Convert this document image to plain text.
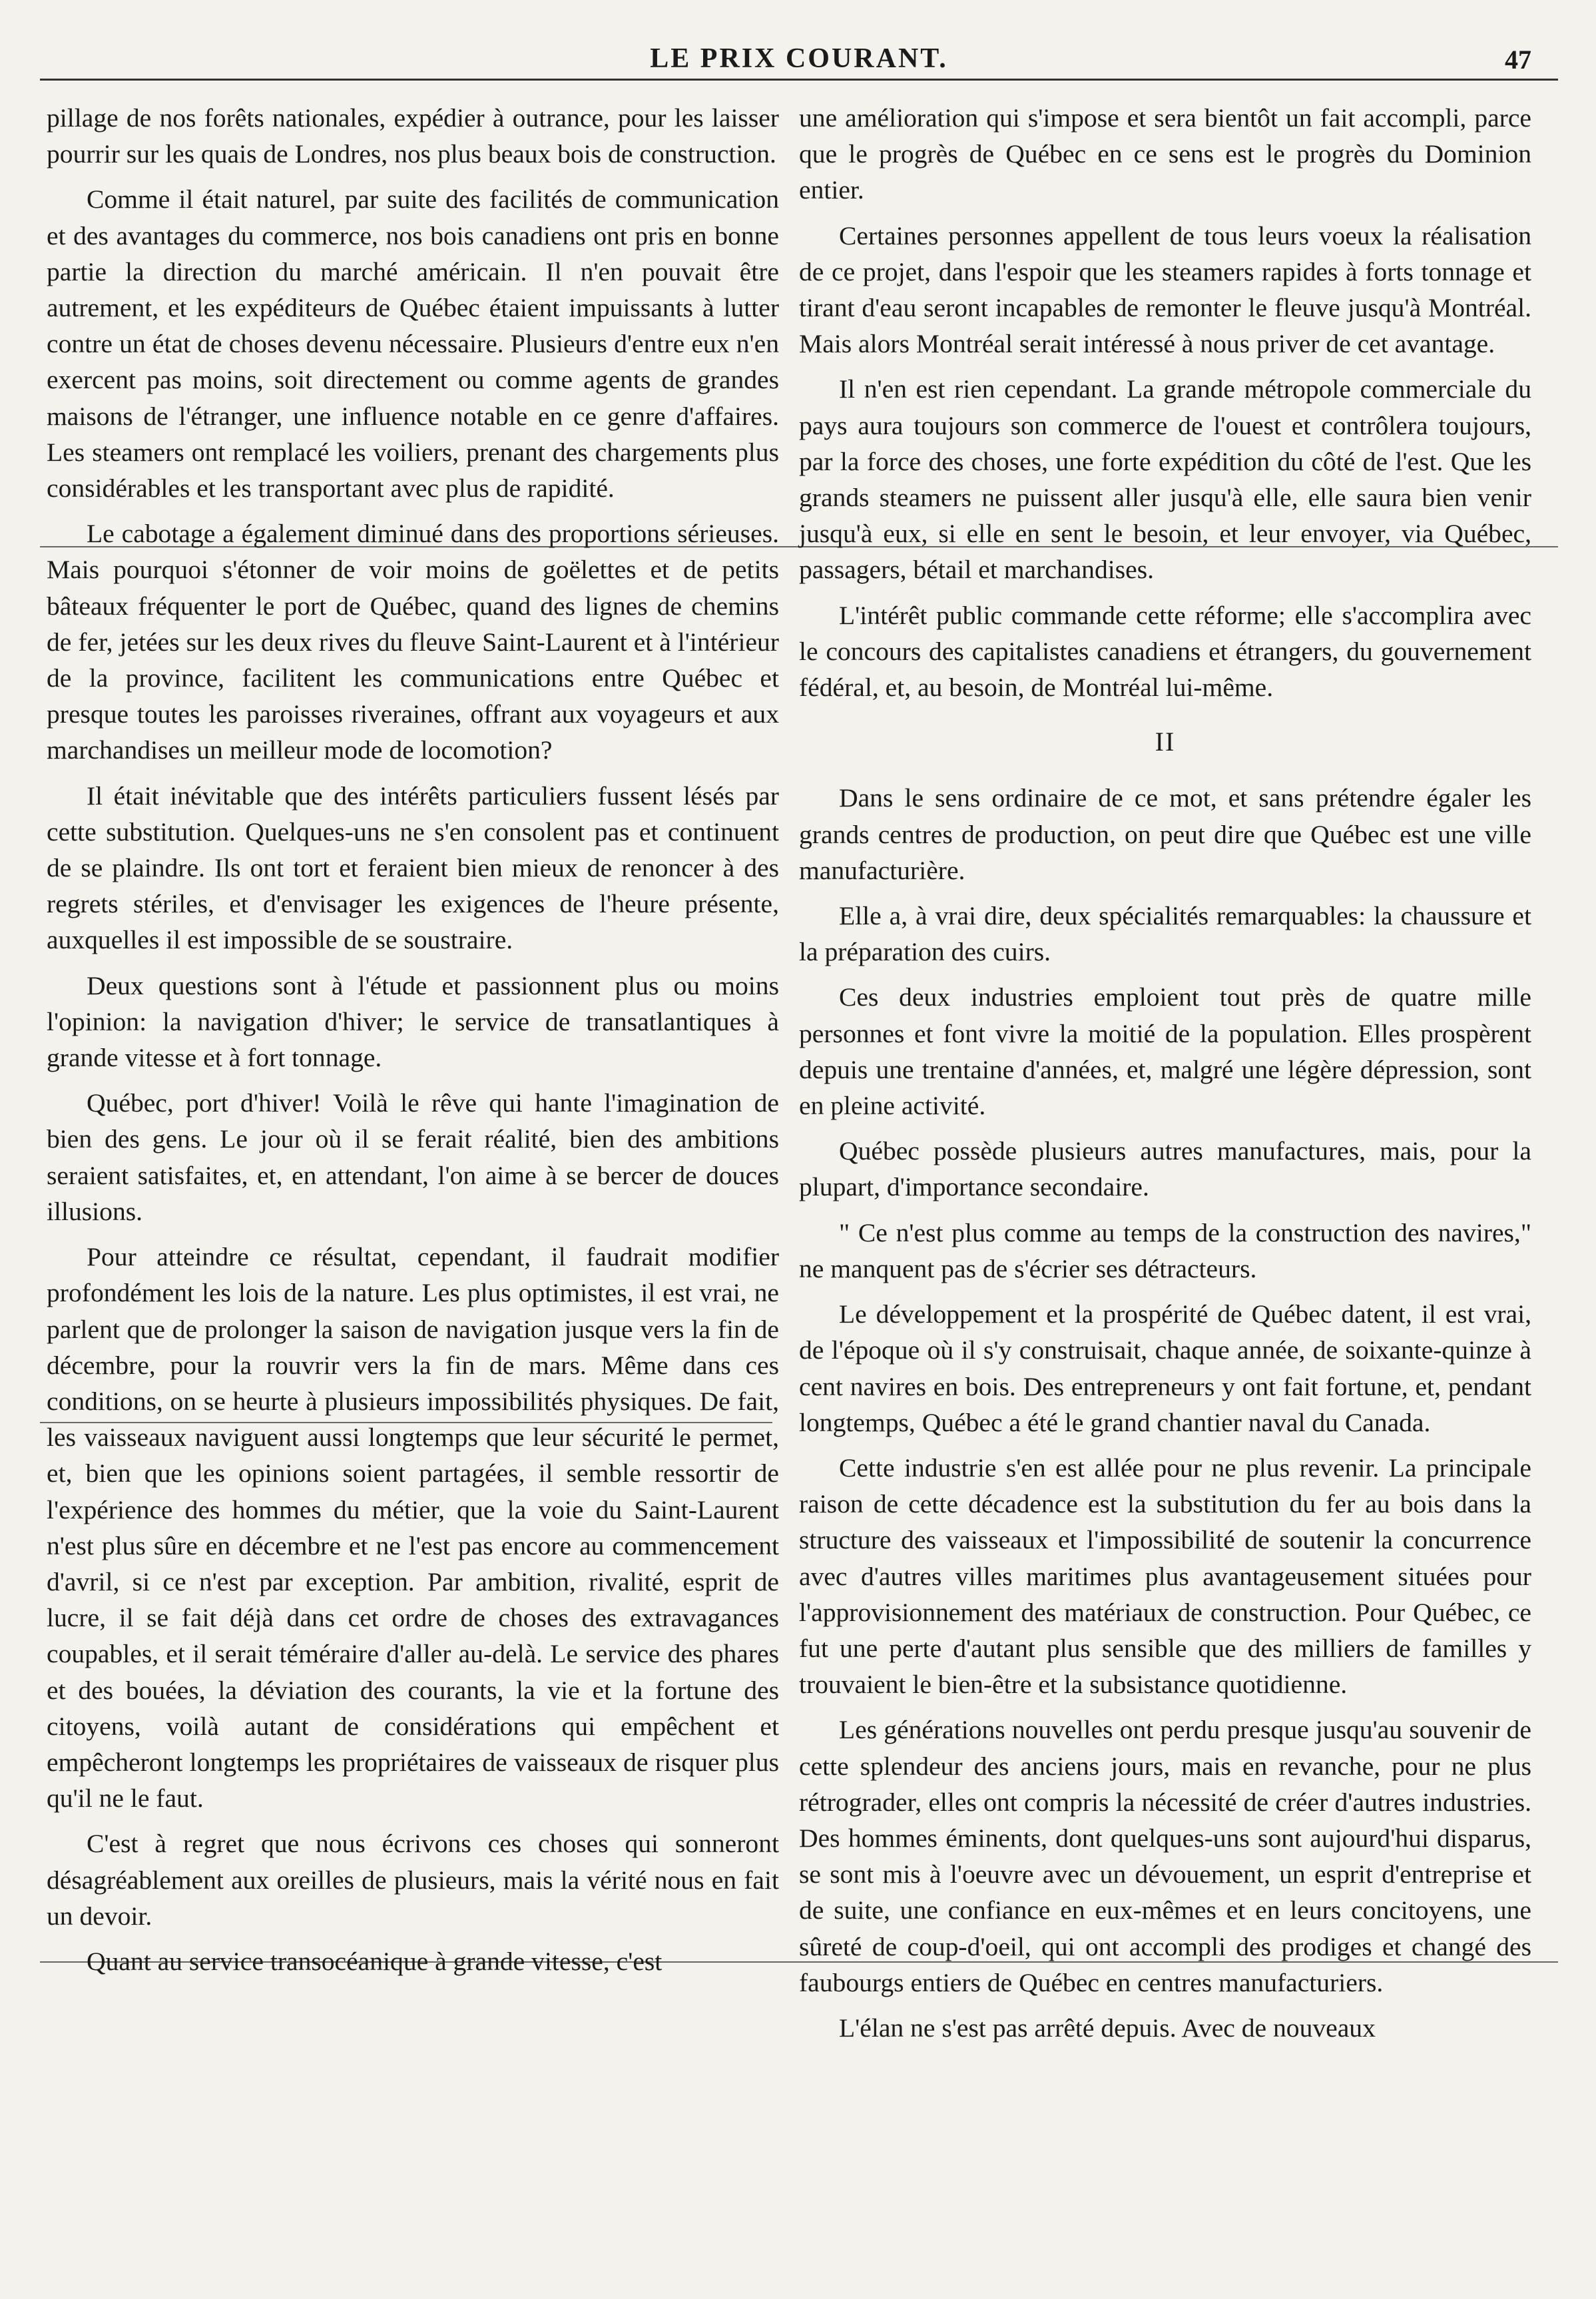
LE PRIX COURANT.	47

pillage de nos forêts nationales, expédier à outrance, pour les laisser pourrir sur les quais de Londres, nos plus beaux bois de construction.

Comme il était naturel, par suite des facilités de communication et des avantages du commerce, nos bois canadiens ont pris en bonne partie la direction du marché américain. Il n'en pouvait être autrement, et les expéditeurs de Québec étaient impuissants à lutter contre un état de choses devenu nécessaire. Plusieurs d'entre eux n'en exercent pas moins, soit directement ou comme agents de grandes maisons de l'étranger, une influence notable en ce genre d'affaires. Les steamers ont remplacé les voiliers, prenant des chargements plus considérables et les transportant avec plus de rapidité.

Le cabotage a également diminué dans des proportions sérieuses. Mais pourquoi s'étonner de voir moins de goëlettes et de petits bâteaux fréquenter le port de Québec, quand des lignes de chemins de fer, jetées sur les deux rives du fleuve Saint-Laurent et à l'intérieur de la province, facilitent les communications entre Québec et presque toutes les paroisses riveraines, offrant aux voyageurs et aux marchandises un meilleur mode de locomotion?

Il était inévitable que des intérêts particuliers fussent lésés par cette substitution. Quelques-uns ne s'en consolent pas et continuent de se plaindre. Ils ont tort et feraient bien mieux de renoncer à des regrets stériles, et d'envisager les exigences de l'heure présente, auxquelles il est impossible de se soustraire.

Deux questions sont à l'étude et passionnent plus ou moins l'opinion: la navigation d'hiver; le service de transatlantiques à grande vitesse et à fort tonnage.

Québec, port d'hiver! Voilà le rêve qui hante l'imagination de bien des gens. Le jour où il se ferait réalité, bien des ambitions seraient satisfaites, et, en attendant, l'on aime à se bercer de douces illusions.

Pour atteindre ce résultat, cependant, il faudrait modifier profondément les lois de la nature. Les plus optimistes, il est vrai, ne parlent que de prolonger la saison de navigation jusque vers la fin de décembre, pour la rouvrir vers la fin de mars. Même dans ces conditions, on se heurte à plusieurs impossibilités physiques. De fait, les vaisseaux naviguent aussi longtemps que leur sécurité le permet, et, bien que les opinions soient partagées, il semble ressortir de l'expérience des hommes du métier, que la voie du Saint-Laurent n'est plus sûre en décembre et ne l'est pas encore au commencement d'avril, si ce n'est par exception. Par ambition, rivalité, esprit de lucre, il se fait déjà dans cet ordre de choses des extravagances coupables, et il serait téméraire d'aller au-delà. Le service des phares et des bouées, la déviation des courants, la vie et la fortune des citoyens, voilà autant de considérations qui empêchent et empêcheront longtemps les propriétaires de vaisseaux de risquer plus qu'il ne le faut.

C'est à regret que nous écrivons ces choses qui sonneront désagréablement aux oreilles de plusieurs, mais la vérité nous en fait un devoir.

Quant au service transocéanique à grande vitesse, c'est

une amélioration qui s'impose et sera bientôt un fait accompli, parce que le progrès de Québec en ce sens est le progrès du Dominion entier.

Certaines personnes appellent de tous leurs voeux la réalisation de ce projet, dans l'espoir que les steamers rapides à forts tonnage et tirant d'eau seront incapables de remonter le fleuve jusqu'à Montréal. Mais alors Montréal serait intéressé à nous priver de cet avantage.

Il n'en est rien cependant. La grande métropole commerciale du pays aura toujours son commerce de l'ouest et contrôlera toujours, par la force des choses, une forte expédition du côté de l'est. Que les grands steamers ne puissent aller jusqu'à elle, elle saura bien venir jusqu'à eux, si elle en sent le besoin, et leur envoyer, via Québec, passagers, bétail et marchandises.

L'intérêt public commande cette réforme; elle s'accomplira avec le concours des capitalistes canadiens et étrangers, du gouvernement fédéral, et, au besoin, de Montréal lui-même.

II

Dans le sens ordinaire de ce mot, et sans prétendre égaler les grands centres de production, on peut dire que Québec est une ville manufacturière.

Elle a, à vrai dire, deux spécialités remarquables: la chaussure et la préparation des cuirs.

Ces deux industries emploient tout près de quatre mille personnes et font vivre la moitié de la population. Elles prospèrent depuis une trentaine d'années, et, malgré une légère dépression, sont en pleine activité.

Québec possède plusieurs autres manufactures, mais, pour la plupart, d'importance secondaire.

" Ce n'est plus comme au temps de la construction des navires," ne manquent pas de s'écrier ses détracteurs.

Le développement et la prospérité de Québec datent, il est vrai, de l'époque où il s'y construisait, chaque année, de soixante-quinze à cent navires en bois. Des entrepreneurs y ont fait fortune, et, pendant longtemps, Québec a été le grand chantier naval du Canada.

Cette industrie s'en est allée pour ne plus revenir. La principale raison de cette décadence est la substitution du fer au bois dans la structure des vaisseaux et l'impossibilité de soutenir la concurrence avec d'autres villes maritimes plus avantageusement situées pour l'approvisionnement des matériaux de construction. Pour Québec, ce fut une perte d'autant plus sensible que des milliers de familles y trouvaient le bien-être et la subsistance quotidienne.

Les générations nouvelles ont perdu presque jusqu'au souvenir de cette splendeur des anciens jours, mais en revanche, pour ne plus rétrograder, elles ont compris la nécessité de créer d'autres industries. Des hommes éminents, dont quelques-uns sont aujourd'hui disparus, se sont mis à l'oeuvre avec un dévouement, un esprit d'entreprise et de suite, une confiance en eux-mêmes et en leurs concitoyens, une sûreté de coup-d'oeil, qui ont accompli des prodiges et changé des faubourgs entiers de Québec en centres manufacturiers.

L'élan ne s'est pas arrêté depuis. Avec de nouveaux
